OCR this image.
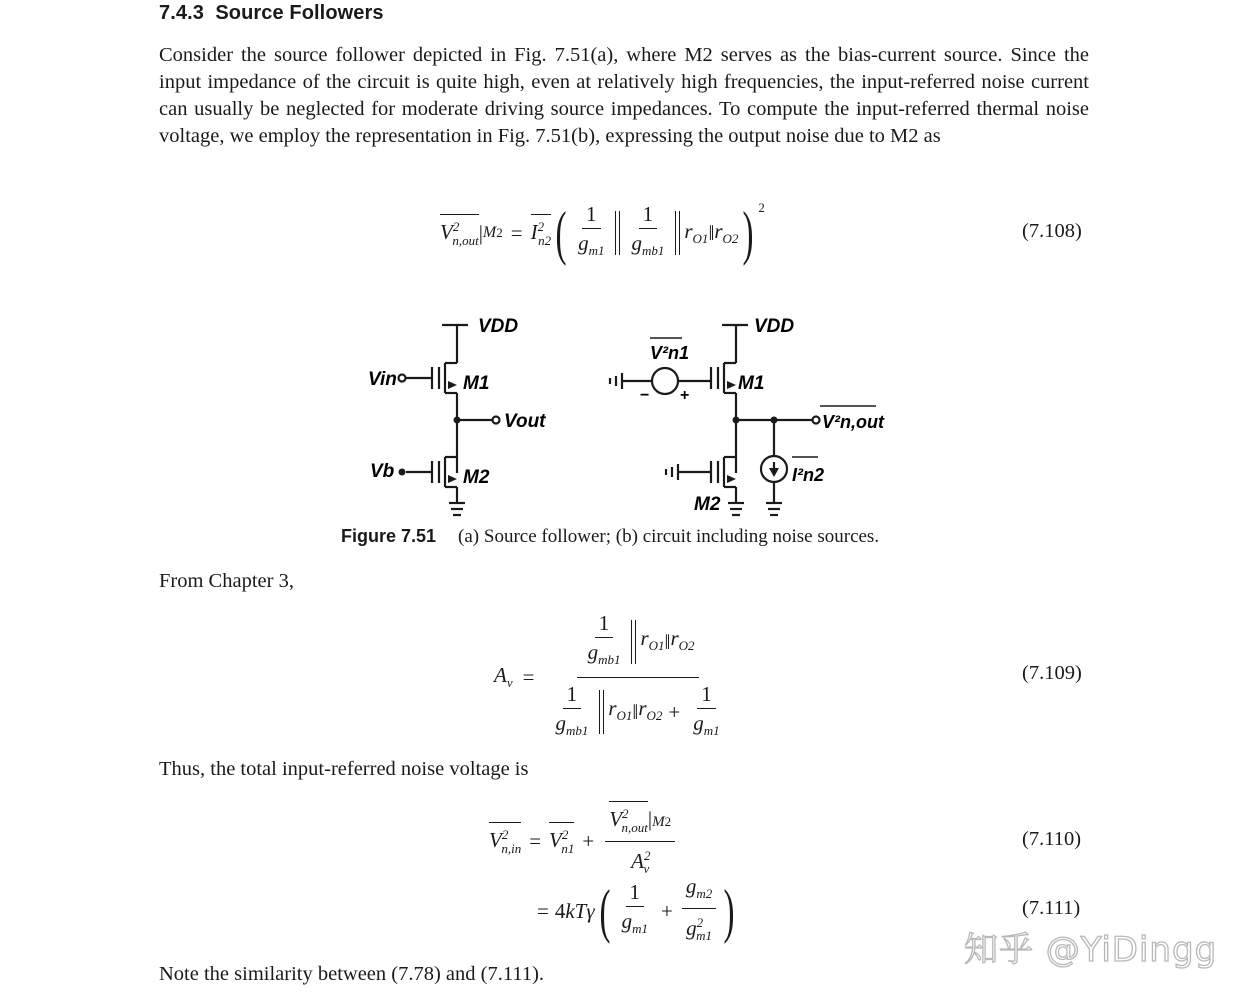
7.4.3 Source Followers
Consider the source follower depicted in Fig. 7.51(a), where M2 serves as the bias-current source. Since the input impedance of the circuit is quite high, even at relatively high frequencies, the input-referred noise current can usually be neglected for moderate driving source impedances. To compute the input-referred thermal noise voltage, we employ the representation in Fig. 7.51(b), expressing the output noise due to M2 as
$V^2_{n,out}$ | M $2 = I^2_{n2}$ ( $\frac{1}{g_{m1}} \frac{1}{g_{mb1}} r_{O1}$ ‖ $r_{O2}$ ) $^2$
(7.108)
VDD
Vin	M1
Vout
Vb	M2
VDD
V²n1
M1
− +
V²n,out
I²n2
M2
Figure 7.51 (a) Source follower; (b) circuit including noise sources.
From Chapter 3,
$A_v = \frac{\frac{1}{g_{mb1}} r_{O1} ‖ r_{O2}}{\frac{1}{g_{mb1}} r_{O1} ‖ r_{O2} + \frac{1}{g_{m1}}}$	(7.109)
Thus, the total input-referred noise voltage is
$V^2_{n,in} = V^2_{n1} + \frac{V^2_{n,out}|M2}{A^2_v}$	(7.110)
= 4 kTγ ( $\frac{1}{g_{m1}} + \frac{g_{m2}}{g^2_{m1}}$ )	(7.111)
Note the similarity between (7.78) and (7.111).
知乎 @YiDingg
